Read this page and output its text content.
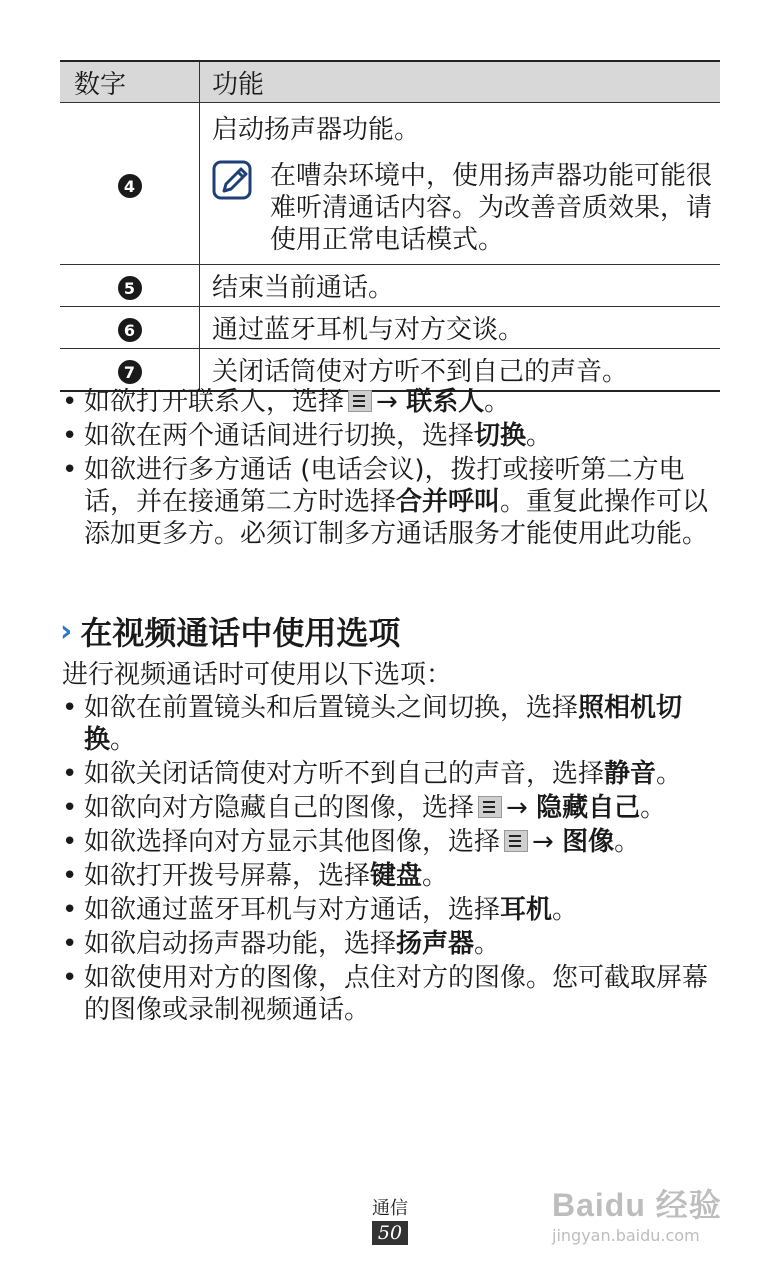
数字	功能
4	启动扬声器功能。
在嘈杂环境中，使用扬声器功能可能很难听清通话内容。为改善音质效果，请使用正常电话模式。

5	结束当前通话。
6	通过蓝牙耳机与对方交谈。
7	关闭话筒使对方听不到自己的声音。
• 如欲打开联系人，选择 → 联系人。
• 如欲在两个通话间进行切换，选择切换。
• 如欲进行多方通话 (电话会议)，拨打或接听第二方电话，并在接通第二方时选择合并呼叫。重复此操作可以添加更多方。必须订制多方通话服务才能使用此功能。
› 在视频通话中使用选项
进行视频通话时可使用以下选项：
• 如欲在前置镜头和后置镜头之间切换，选择照相机切换。
• 如欲关闭话筒使对方听不到自己的声音，选择静音。
• 如欲向对方隐藏自己的图像，选择 → 隐藏自己。
• 如欲选择向对方显示其他图像，选择 → 图像。
• 如欲打开拨号屏幕，选择键盘。
• 如欲通过蓝牙耳机与对方通话，选择耳机。
• 如欲启动扬声器功能，选择扬声器。
• 如欲使用对方的图像，点住对方的图像。您可截取屏幕的图像或录制视频通话。
通信
50
Baidu 经验
jingyan.baidu.com
